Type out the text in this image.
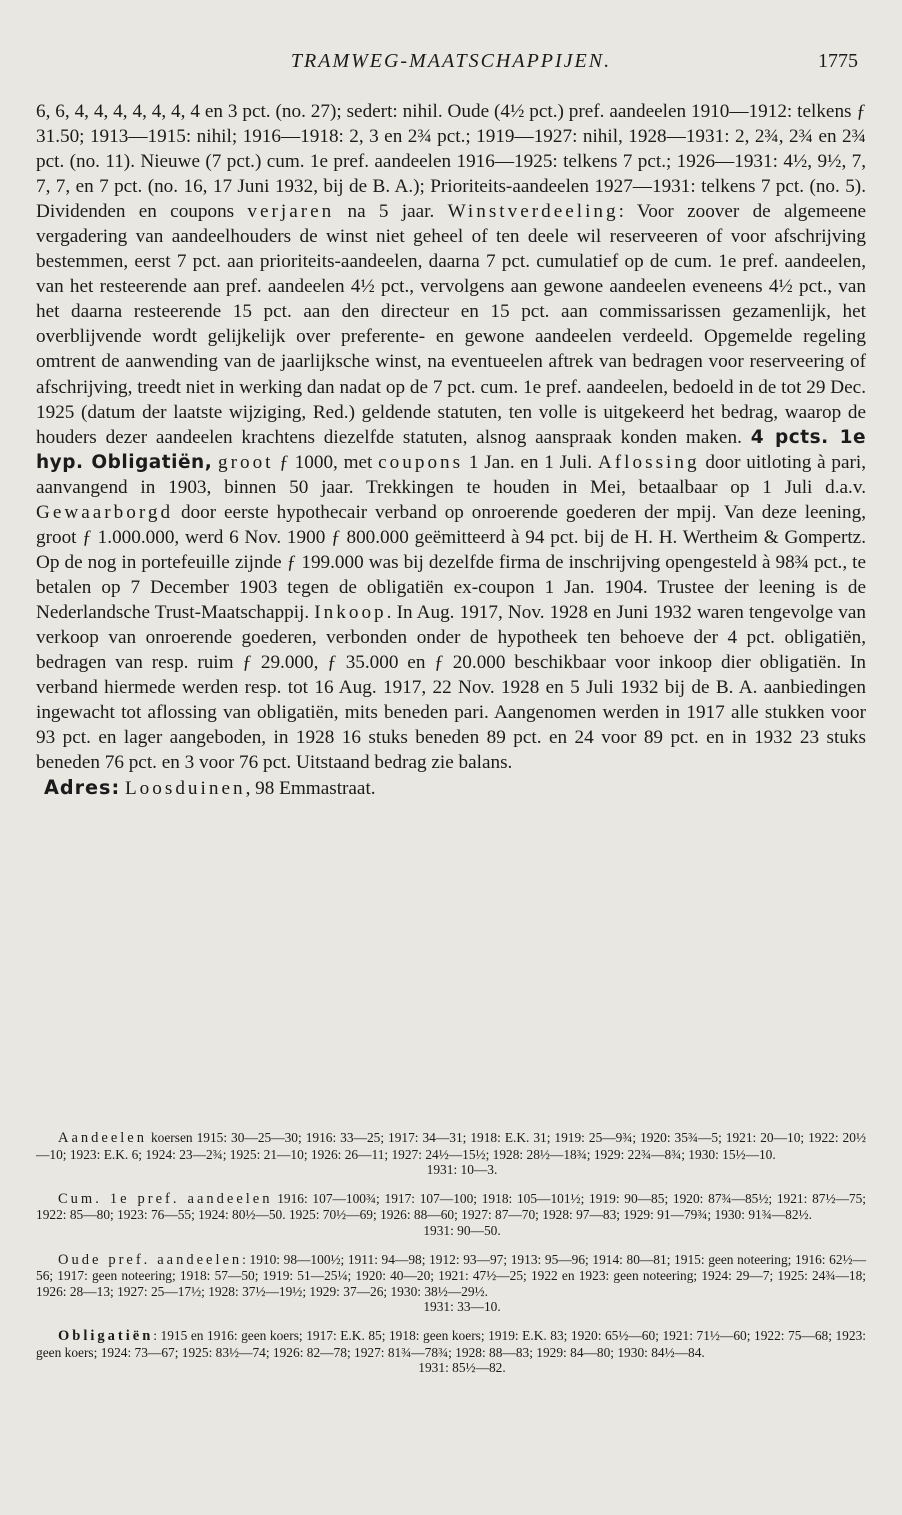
TRAMWEG-MAATSCHAPPIJEN.	1775

6, 6, 4, 4, 4, 4, 4, 4, 4 en 3 pct. (no. 27); sedert: nihil. Oude (4½ pct.) pref. aandeelen 1910—1912: telkens ƒ 31.50; 1913—1915: nihil; 1916—1918: 2, 3 en 2¾ pct.; 1919—1927: nihil, 1928—1931: 2, 2¾, 2¾ en 2¾ pct. (no. 11). Nieuwe (7 pct.) cum. 1e pref. aandeelen 1916—1925: telkens 7 pct.; 1926—1931: 4½, 9½, 7, 7, 7, en 7 pct. (no. 16, 17 Juni 1932, bij de B. A.); Prioriteits-aandeelen 1927—1931: telkens 7 pct. (no. 5). Dividenden en coupons verjaren na 5 jaar. Winstverdeeling: Voor zoover de algemeene vergadering van aandeelhouders de winst niet geheel of ten deele wil reserveeren of voor afschrijving bestemmen, eerst 7 pct. aan prioriteits-aandeelen, daarna 7 pct. cumulatief op de cum. 1e pref. aandeelen, van het resteerende aan pref. aandeelen 4½ pct., vervolgens aan gewone aandeelen eveneens 4½ pct., van het daarna resteerende 15 pct. aan den directeur en 15 pct. aan commissarissen gezamenlijk, het overblijvende wordt gelijkelijk over preferente- en gewone aandeelen verdeeld. Opgemelde regeling omtrent de aanwending van de jaarlijksche winst, na eventueelen aftrek van bedragen voor reserveering of afschrijving, treedt niet in werking dan nadat op de 7 pct. cum. 1e pref. aandeelen, bedoeld in de tot 29 Dec. 1925 (datum der laatste wijziging, Red.) geldende statuten, ten volle is uitgekeerd het bedrag, waarop de houders dezer aandeelen krachtens diezelfde statuten, alsnog aanspraak konden maken. 4 pcts. 1e hyp. Obligatiën, groot ƒ 1000, met coupons 1 Jan. en 1 Juli. Aflossing door uitloting à pari, aanvangend in 1903, binnen 50 jaar. Trekkingen te houden in Mei, betaalbaar op 1 Juli d.a.v. Gewaarborgd door eerste hypothecair verband op onroerende goederen der mpij. Van deze leening, groot ƒ 1.000.000, werd 6 Nov. 1900 ƒ 800.000 geëmitteerd à 94 pct. bij de H. H. Wertheim & Gompertz. Op de nog in portefeuille zijnde ƒ 199.000 was bij dezelfde firma de inschrijving opengesteld à 98¾ pct., te betalen op 7 December 1903 tegen de obligatiën ex-coupon 1 Jan. 1904. Trustee der leening is de Nederlandsche Trust-Maatschappij. Inkoop. In Aug. 1917, Nov. 1928 en Juni 1932 waren tengevolge van verkoop van onroerende goederen, verbonden onder de hypotheek ten behoeve der 4 pct. obligatiën, bedragen van resp. ruim ƒ 29.000, ƒ 35.000 en ƒ 20.000 beschikbaar voor inkoop dier obligatiën. In verband hiermede werden resp. tot 16 Aug. 1917, 22 Nov. 1928 en 5 Juli 1932 bij de B. A. aanbiedingen ingewacht tot aflossing van obligatiën, mits beneden pari. Aangenomen werden in 1917 alle stukken voor 93 pct. en lager aangeboden, in 1928 16 stuks beneden 89 pct. en 24 voor 89 pct. en in 1932 23 stuks beneden 76 pct. en 3 voor 76 pct. Uitstaand bedrag zie balans.

Adres: Loosduinen, 98 Emmastraat.

Aandeelen koersen 1915: 30—25—30; 1916: 33—25; 1917: 34—31; 1918: E.K. 31; 1919: 25—9¾; 1920: 35¾—5; 1921: 20—10; 1922: 20½—10; 1923: E.K. 6; 1924: 23—2¾; 1925: 21—10; 1926: 26—11; 1927: 24½—15½; 1928: 28½—18¾; 1929: 22¾—8¾; 1930: 15½—10.
1931: 10—3.
Cum. 1e pref. aandeelen 1916: 107—100¾; 1917: 107—100; 1918: 105—101½; 1919: 90—85; 1920: 87¾—85½; 1921: 87½—75; 1922: 85—80; 1923: 76—55; 1924: 80½—50. 1925: 70½—69; 1926: 88—60; 1927: 87—70; 1928: 97—83; 1929: 91—79¾; 1930: 91¾—82½.
1931: 90—50.
Oude pref. aandeelen: 1910: 98—100½; 1911: 94—98; 1912: 93—97; 1913: 95—96; 1914: 80—81; 1915: geen noteering; 1916: 62½—56; 1917: geen noteering; 1918: 57—50; 1919: 51—25¼; 1920: 40—20; 1921: 47½—25; 1922 en 1923: geen noteering; 1924: 29—7; 1925: 24¾—18; 1926: 28—13; 1927: 25—17½; 1928: 37½—19½; 1929: 37—26; 1930: 38½—29½.
1931: 33—10.
Obligatiën: 1915 en 1916: geen koers; 1917: E.K. 85; 1918: geen koers; 1919: E.K. 83; 1920: 65½—60; 1921: 71½—60; 1922: 75—68; 1923: geen koers; 1924: 73—67; 1925: 83½—74; 1926: 82—78; 1927: 81¾—78¾; 1928: 88—83; 1929: 84—80; 1930: 84½—84.
1931: 85½—82.
